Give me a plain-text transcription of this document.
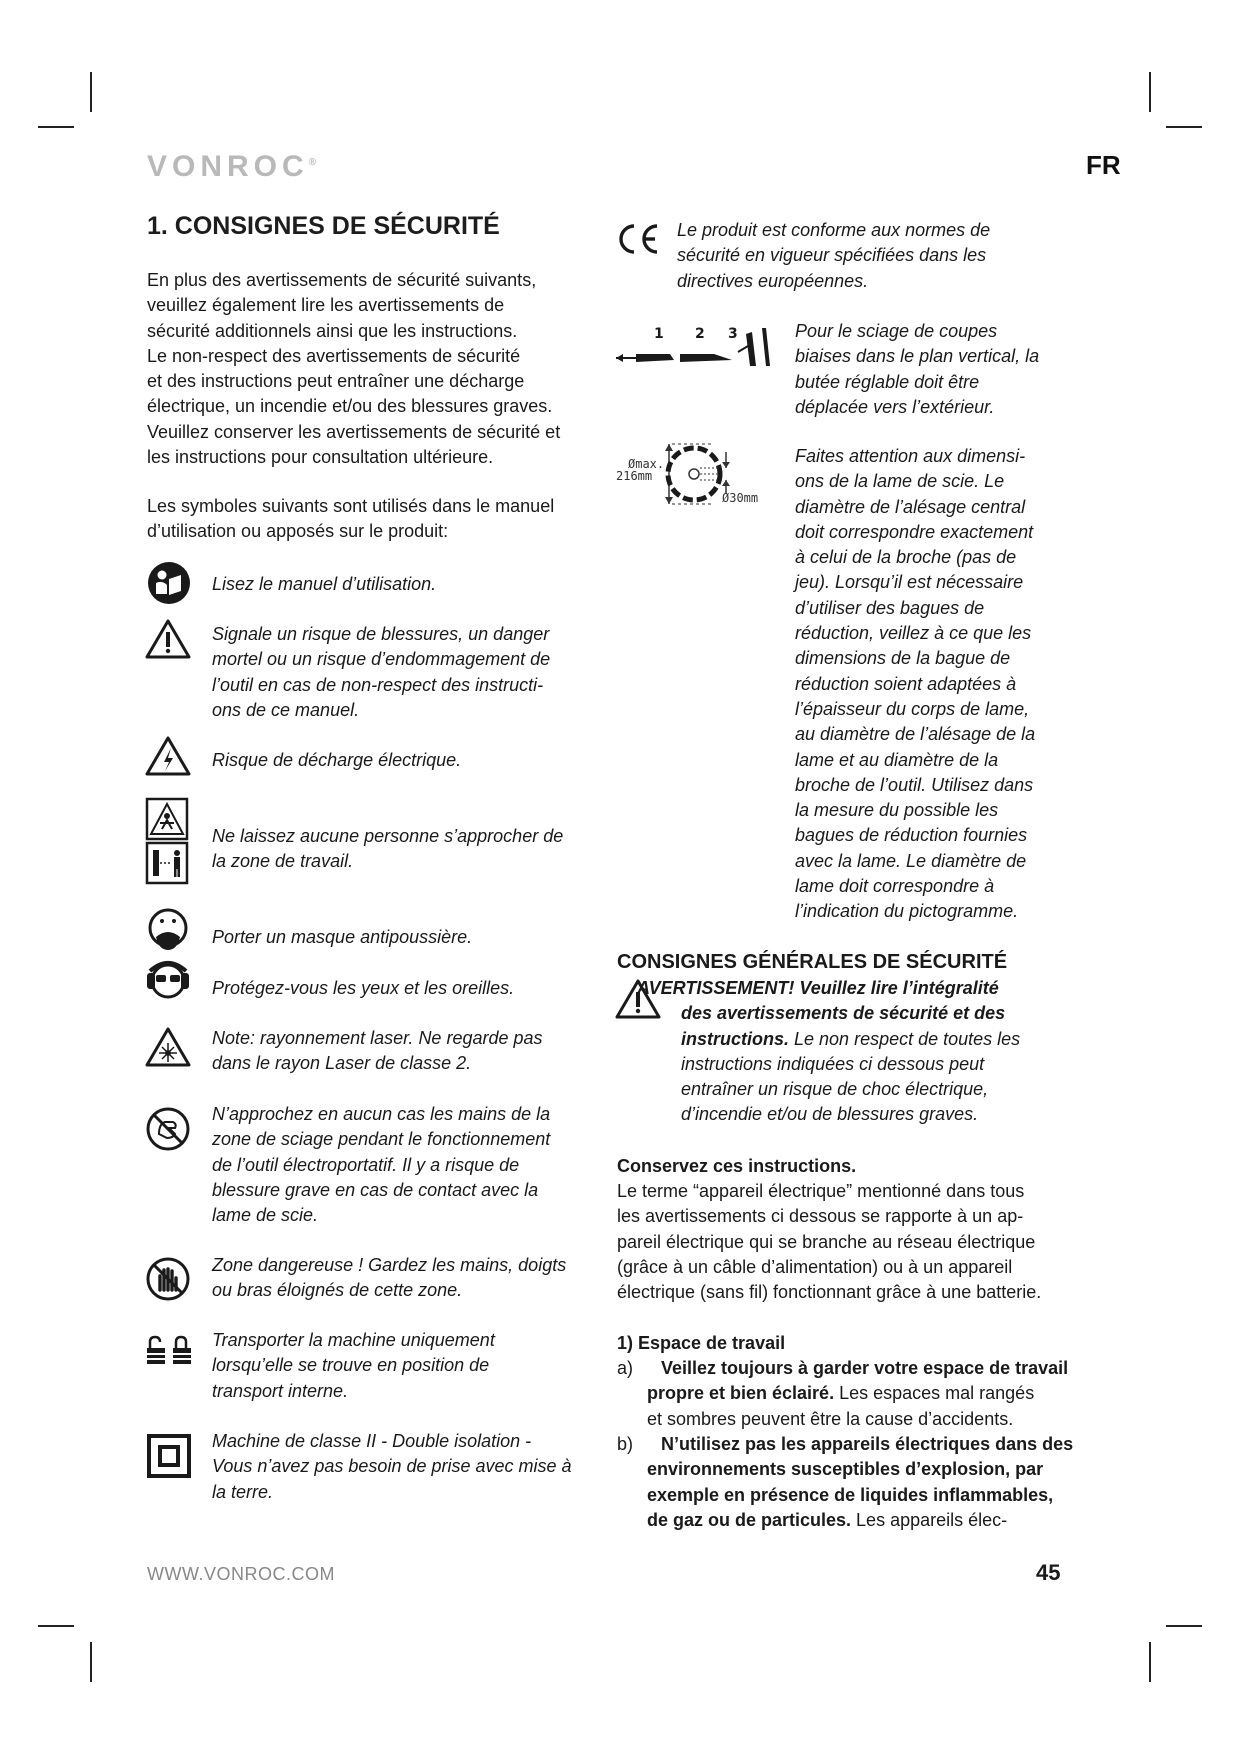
VONROC®	FR
1. CONSIGNES DE SÉCURITÉ
En plus des avertissements de sécurité suivants,
veuillez également lire les avertissements de
sécurité additionnels ainsi que les instructions.
Le non-respect des avertissements de sécurité
et des instructions peut entraîner une décharge
électrique, un incendie et/ou des blessures graves.
Veuillez conserver les avertissements de sécurité et
les instructions pour consultation ultérieure.
Les symboles suivants sont utilisés dans le manuel
d’utilisation ou apposés sur le produit:
Lisez le manuel d’utilisation.
Signale un risque de blessures, un danger
mortel ou un risque d’endommagement de
l’outil en cas de non-respect des instructi-
ons de ce manuel.
Risque de décharge électrique.
Ne laissez aucune personne s’approcher de
la zone de travail.
Porter un masque antipoussière.
Protégez-vous les yeux et les oreilles.
Note: rayonnement laser. Ne regarde pas
dans le rayon Laser de classe 2.
N’approchez en aucun cas les mains de la
zone de sciage pendant le fonctionnement
de l’outil électroportatif. Il y a risque de
blessure grave en cas de contact avec la
lame de scie.
Zone dangereuse ! Gardez les mains, doigts
ou bras éloignés de cette zone.
Transporter la machine uniquement
lorsqu’elle se trouve en position de
transport interne.
Machine de classe II - Double isolation -
Vous n’avez pas besoin de prise avec mise à
la terre.
1 2 3
Ømax.
216mm
Ø30mm
Le produit est conforme aux normes de
sécurité en vigueur spécifiées dans les
directives européennes.
Pour le sciage de coupes
biaises dans le plan vertical, la
butée réglable doit être
déplacée vers l’extérieur.
Faites attention aux dimensi-
ons de la lame de scie. Le
diamètre de l’alésage central
doit correspondre exactement
à celui de la broche (pas de
jeu). Lorsqu’il est nécessaire
d’utiliser des bagues de
réduction, veillez à ce que les
dimensions de la bague de
réduction soient adaptées à
l’épaisseur du corps de lame,
au diamètre de l’alésage de la
lame et au diamètre de la
broche de l’outil. Utilisez dans
la mesure du possible les
bagues de réduction fournies
avec la lame. Le diamètre de
lame doit correspondre à
l’indication du pictogramme.
CONSIGNES GÉNÉRALES DE SÉCURITÉ
AVERTISSEMENT! Veuillez lire l’intégralité
des avertissements de sécurité et des
instructions. Le non respect de toutes les
instructions indiquées ci dessous peut
entraîner un risque de choc électrique,
d’incendie et/ou de blessures graves.
Conservez ces instructions.
Le terme “appareil électrique” mentionné dans tous
les avertissements ci dessous se rapporte à un ap-
pareil électrique qui se branche au réseau électrique
(grâce à un câble d’alimentation) ou à un appareil
électrique (sans fil) fonctionnant grâce à une batterie.
1) Espace de travail
a)	Veillez toujours à garder votre espace de travail
propre et bien éclairé. Les espaces mal rangés
et sombres peuvent être la cause d’accidents.
b)	N’utilisez pas les appareils électriques dans des
environnements susceptibles d’explosion, par
exemple en présence de liquides inflammables,
de gaz ou de particules. Les appareils élec-
WWW.VONROC.COM	45
